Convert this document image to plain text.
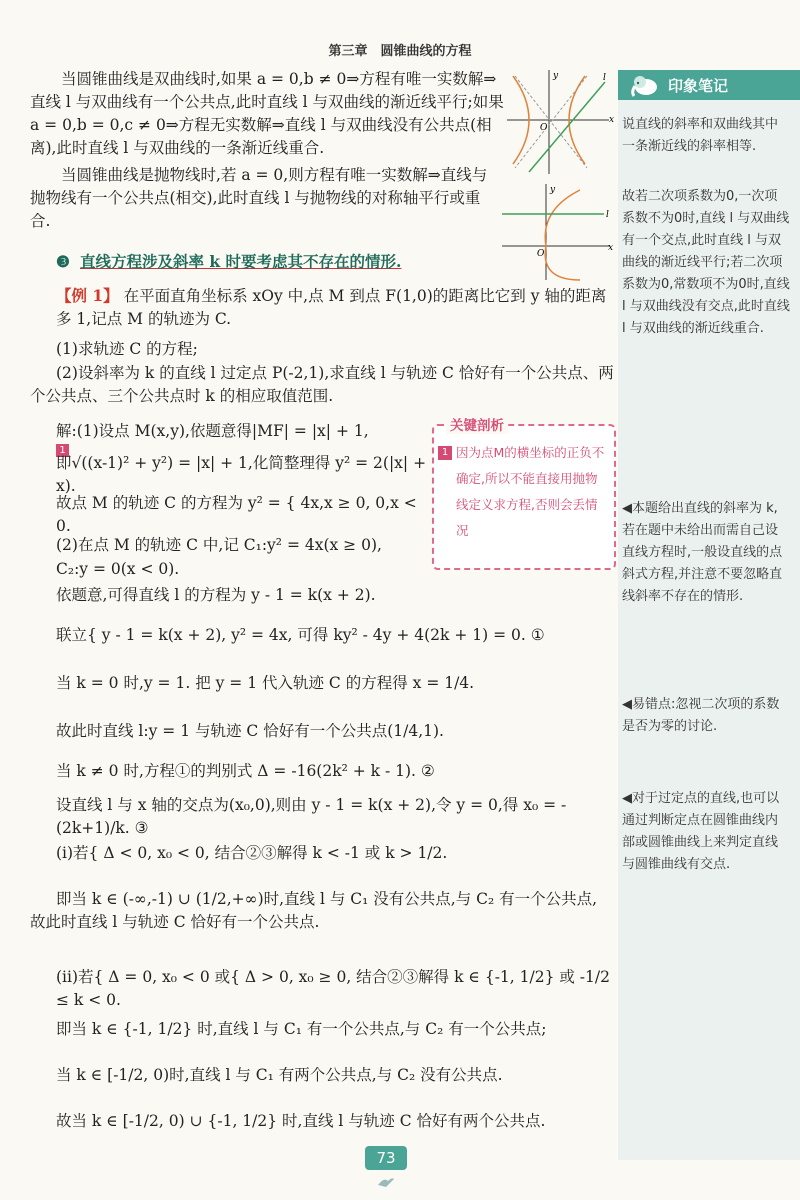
第三章　圆锥曲线的方程
印象笔记
说直线的斜率和双曲线其中一条渐近线的斜率相等.
故若二次项系数为0,一次项系数不为0时,直线 l 与双曲线有一个交点,此时直线 l 与双曲线的渐近线平行;若二次项系数为0,常数项不为0时,直线 l 与双曲线没有交点,此时直线 l 与双曲线的渐近线重合.
◀本题给出直线的斜率为 k,若在题中未给出而需自己设直线方程时,一般设直线的点斜式方程,并注意不要忽略直线斜率不存在的情形.
◀易错点:忽视二次项的系数是否为零的讨论.
◀对于过定点的直线,也可以通过判断定点在圆锥曲线内部或圆锥曲线上来判定直线与圆锥曲线有交点.
x
y
O
l
x
y
O
l
当圆锥曲线是双曲线时,如果 a = 0,b ≠ 0⇒方程有唯一实数解⇒直线 l 与双曲线有一个公共点,此时直线 l 与双曲线的渐近线平行;如果 a = 0,b = 0,c ≠ 0⇒方程无实数解⇒直线 l 与双曲线没有公共点(相离),此时直线 l 与双曲线的一条渐近线重合.
当圆锥曲线是抛物线时,若 a = 0,则方程有唯一实数解⇒直线与抛物线有一个公共点(相交),此时直线 l 与抛物线的对称轴平行或重合.
❸ 直线方程涉及斜率 k 时要考虑其不存在的情形.
【例 1】 在平面直角坐标系 xOy 中,点 M 到点 F(1,0)的距离比它到 y 轴的距离多 1,记点 M 的轨迹为 C.
(1)求轨迹 C 的方程;
(2)设斜率为 k 的直线 l 过定点 P(-2,1),求直线 l 与轨迹 C 恰好有一个公共点、两个公共点、三个公共点时 k 的相应取值范围.
关键剖析
1 因为点M的横坐标的正负不确定,所以不能直接用抛物线定义求方程,否则会丢情况
解:(1)设点 M(x,y),依题意得|MF| = |x| + 1, 1
即√((x-1)² + y²) = |x| + 1,化简整理得 y² = 2(|x| + x).
故点 M 的轨迹 C 的方程为 y² = { 4x,x ≥ 0, 0,x < 0.
(2)在点 M 的轨迹 C 中,记 C₁:y² = 4x(x ≥ 0),
C₂:y = 0(x < 0).
依题意,可得直线 l 的方程为 y - 1 = k(x + 2).
联立{ y - 1 = k(x + 2), y² = 4x, 可得 ky² - 4y + 4(2k + 1) = 0. ①
当 k = 0 时,y = 1. 把 y = 1 代入轨迹 C 的方程得 x = 1/4.
故此时直线 l:y = 1 与轨迹 C 恰好有一个公共点(1/4,1).
当 k ≠ 0 时,方程①的判别式 Δ = -16(2k² + k - 1). ②
设直线 l 与 x 轴的交点为(x₀,0),则由 y - 1 = k(x + 2),令 y = 0,得 x₀ = -(2k+1)/k. ③
(i)若{ Δ < 0, x₀ < 0, 结合②③解得 k < -1 或 k > 1/2.
即当 k ∈ (-∞,-1) ∪ (1/2,+∞)时,直线 l 与 C₁ 没有公共点,与 C₂ 有一个公共点,故此时直线 l 与轨迹 C 恰好有一个公共点.
(ii)若{ Δ = 0, x₀ < 0 或{ Δ > 0, x₀ ≥ 0, 结合②③解得 k ∈ {-1, 1/2} 或 -1/2 ≤ k < 0.
即当 k ∈ {-1, 1/2} 时,直线 l 与 C₁ 有一个公共点,与 C₂ 有一个公共点;
当 k ∈ [-1/2, 0)时,直线 l 与 C₁ 有两个公共点,与 C₂ 没有公共点.
故当 k ∈ [-1/2, 0) ∪ {-1, 1/2} 时,直线 l 与轨迹 C 恰好有两个公共点.
73
